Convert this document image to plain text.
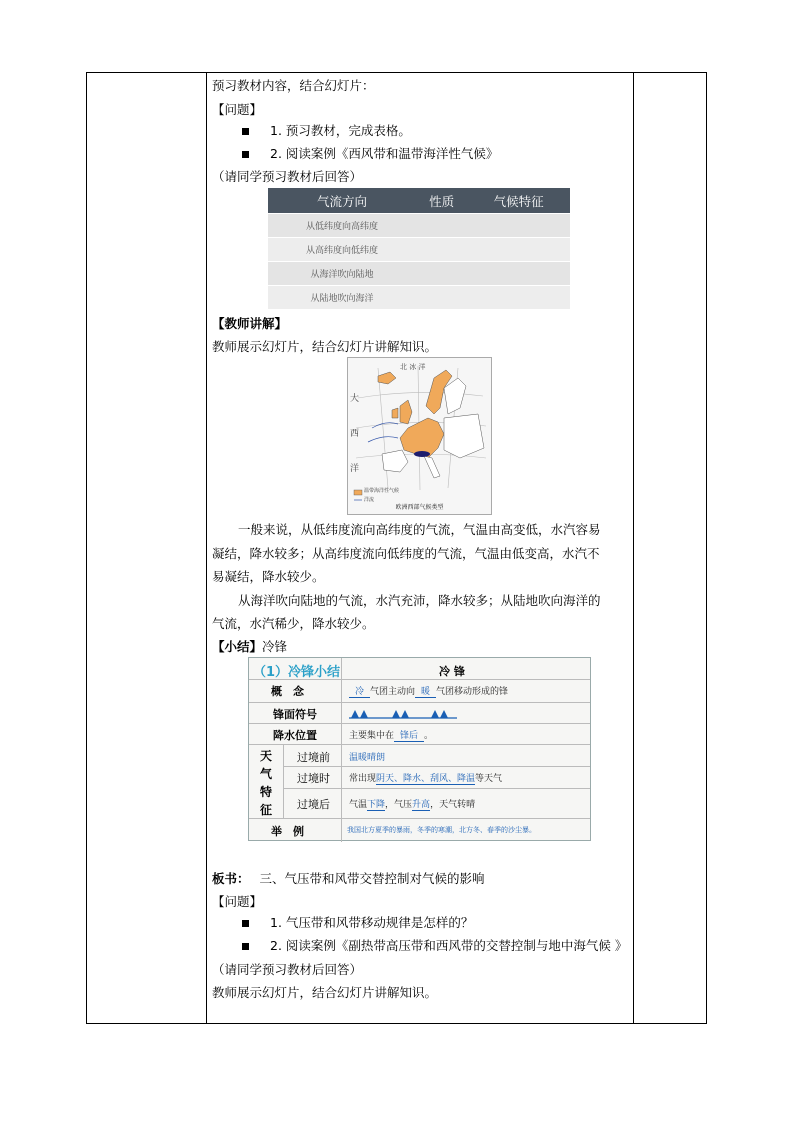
预习教材内容，结合幻灯片：
【问题】
1. 预习教材，完成表格。
2. 阅读案例《西风带和温带海洋性气候》
（请同学预习教材后回答）
气流方向	性质	气候特征
从低纬度向高纬度		
从高纬度向低纬度		
从海洋吹向陆地		
从陆地吹向海洋		
【教师讲解】
教师展示幻灯片，结合幻灯片讲解知识。
北 冰 洋
大
西
洋
温带海洋性气候
洋流
欧洲西部气候类型
一般来说，从低纬度流向高纬度的气流，气温由高变低，水汽容易
凝结，降水较多；从高纬度流向低纬度的气流，气温由低变高，水汽不
易凝结，降水较少。
从海洋吹向陆地的气流，水汽充沛，降水较多；从陆地吹向海洋的
气流，水汽稀少，降水较少。
【小结】冷锋
（1）冷锋小结	冷 锋
概　念	冷 气团主动向 暖 气团移动形成的锋
锋面符号
降水位置	主要集中在 锋后 。
天
气
特
征
过境前 温暖晴朗
过境时 常出现阴天、降水、刮风、降温等天气
过境后 气温下降，气压升高，天气转晴
举　例	我国北方夏季的暴雨，冬季的寒潮，北方冬、春季的沙尘暴。
板书： 三、气压带和风带交替控制对气候的影响
【问题】
1. 气压带和风带移动规律是怎样的？
2. 阅读案例《副热带高压带和西风带的交替控制与地中海气候 》
（请同学预习教材后回答）
教师展示幻灯片，结合幻灯片讲解知识。
